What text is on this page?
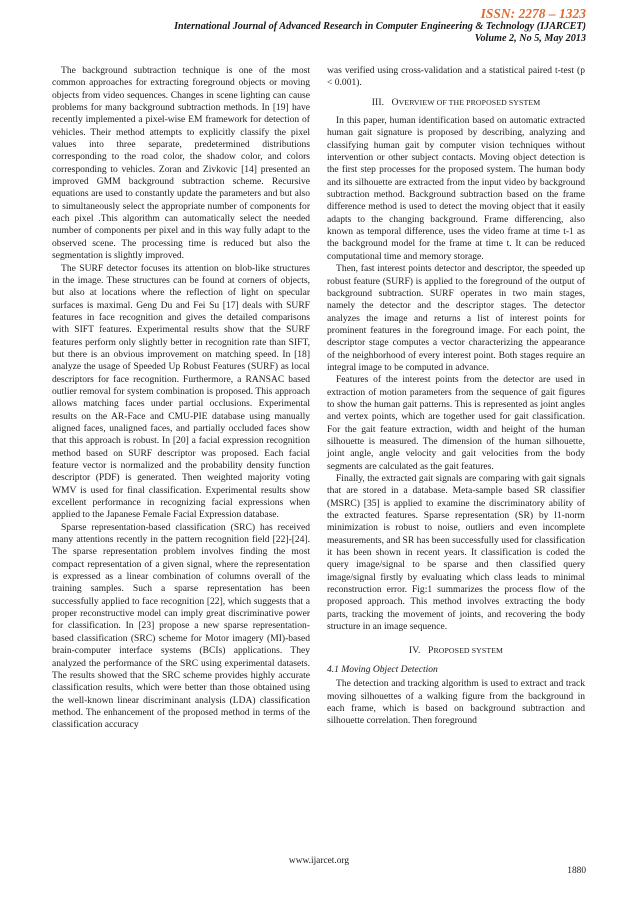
ISSN: 2278 – 1323
International Journal of Advanced Research in Computer Engineering & Technology (IJARCET)
Volume 2, No 5, May 2013

The background subtraction technique is one of the most common approaches for extracting foreground objects or moving objects from video sequences. Changes in scene lighting can cause problems for many background subtraction methods. In [19] have recently implemented a pixel-wise EM framework for detection of vehicles. Their method attempts to explicitly classify the pixel values into three separate, predetermined distributions corresponding to the road color, the shadow color, and colors corresponding to vehicles. Zoran and Zivkovic [14] presented an improved GMM background subtraction scheme. Recursive equations are used to constantly update the parameters and but also to simultaneously select the appropriate number of components for each pixel .This algorithm can automatically select the needed number of components per pixel and in this way fully adapt to the observed scene. The processing time is reduced but also the segmentation is slightly improved.

The SURF detector focuses its attention on blob-like structures in the image. These structures can be found at corners of objects, but also at locations where the reflection of light on specular surfaces is maximal. Geng Du and Fei Su [17] deals with SURF features in face recognition and gives the detailed comparisons with SIFT features. Experimental results show that the SURF features perform only slightly better in recognition rate than SIFT, but there is an obvious improvement on matching speed. In [18] analyze the usage of Speeded Up Robust Features (SURF) as local descriptors for face recognition. Furthermore, a RANSAC based outlier removal for system combination is proposed. This approach allows matching faces under partial occlusions. Experimental results on the AR-Face and CMU-PIE database using manually aligned faces, unaligned faces, and partially occluded faces show that this approach is robust. In [20] a facial expression recognition method based on SURF descriptor was proposed. Each facial feature vector is normalized and the probability density function descriptor (PDF) is generated. Then weighted majority voting WMV is used for final classification. Experimental results show excellent performance in recognizing facial expressions when applied to the Japanese Female Facial Expression database.

Sparse representation-based classification (SRC) has received many attentions recently in the pattern recognition field [22]-[24]. The sparse representation problem involves finding the most compact representation of a given signal, where the representation is expressed as a linear combination of columns overall of the training samples. Such a sparse representation has been successfully applied to face recognition [22], which suggests that a proper reconstructive model can imply great discriminative power for classification. In [23] propose a new sparse representation-based classification (SRC) scheme for Motor imagery (MI)-based brain-computer interface systems (BCIs) applications. They analyzed the performance of the SRC using experimental datasets. The results showed that the SRC scheme provides highly accurate classification results, which were better than those obtained using the well-known linear discriminant analysis (LDA) classification method. The enhancement of the proposed method in terms of the classification accuracy

was verified using cross-validation and a statistical paired t-test (p < 0.001).

III. OVERVIEW OF THE PROPOSED SYSTEM

In this paper, human identification based on automatic extracted human gait signature is proposed by describing, analyzing and classifying human gait by computer vision techniques without intervention or other subject contacts. Moving object detection is the first step processes for the proposed system. The human body and its silhouette are extracted from the input video by background subtraction method. Background subtraction based on the frame difference method is used to detect the moving object that it easily adapts to the changing background. Frame differencing, also known as temporal difference, uses the video frame at time t-1 as the background model for the frame at time t. It can be reduced computational time and memory storage.

Then, fast interest points detector and descriptor, the speeded up robust feature (SURF) is applied to the foreground of the output of background subtraction. SURF operates in two main stages, namely the detector and the descriptor stages. The detector analyzes the image and returns a list of interest points for prominent features in the foreground image. For each point, the descriptor stage computes a vector characterizing the appearance of the neighborhood of every interest point. Both stages require an integral image to be computed in advance.

Features of the interest points from the detector are used in extraction of motion parameters from the sequence of gait figures to show the human gait patterns. This is represented as joint angles and vertex points, which are together used for gait classification. For the gait feature extraction, width and height of the human silhouette is measured. The dimension of the human silhouette, joint angle, angle velocity and gait velocities from the body segments are calculated as the gait features.

Finally, the extracted gait signals are comparing with gait signals that are stored in a database. Meta-sample based SR classifier (MSRC) [35] is applied to examine the discriminatory ability of the extracted features. Sparse representation (SR) by l1-norm minimization is robust to noise, outliers and even incomplete measurements, and SR has been successfully used for classification it has been shown in recent years. It classification is coded the query image/signal to be sparse and then classified query image/signal firstly by evaluating which class leads to minimal reconstruction error. Fig:1 summarizes the process flow of the proposed approach. This method involves extracting the body parts, tracking the movement of joints, and recovering the body structure in an image sequence.

IV. PROPOSED SYSTEM
4.1 Moving Object Detection

The detection and tracking algorithm is used to extract and track moving silhouettes of a walking figure from the background in each frame, which is based on background subtraction and silhouette correlation. Then foreground

www.ijarcet.org
1880
